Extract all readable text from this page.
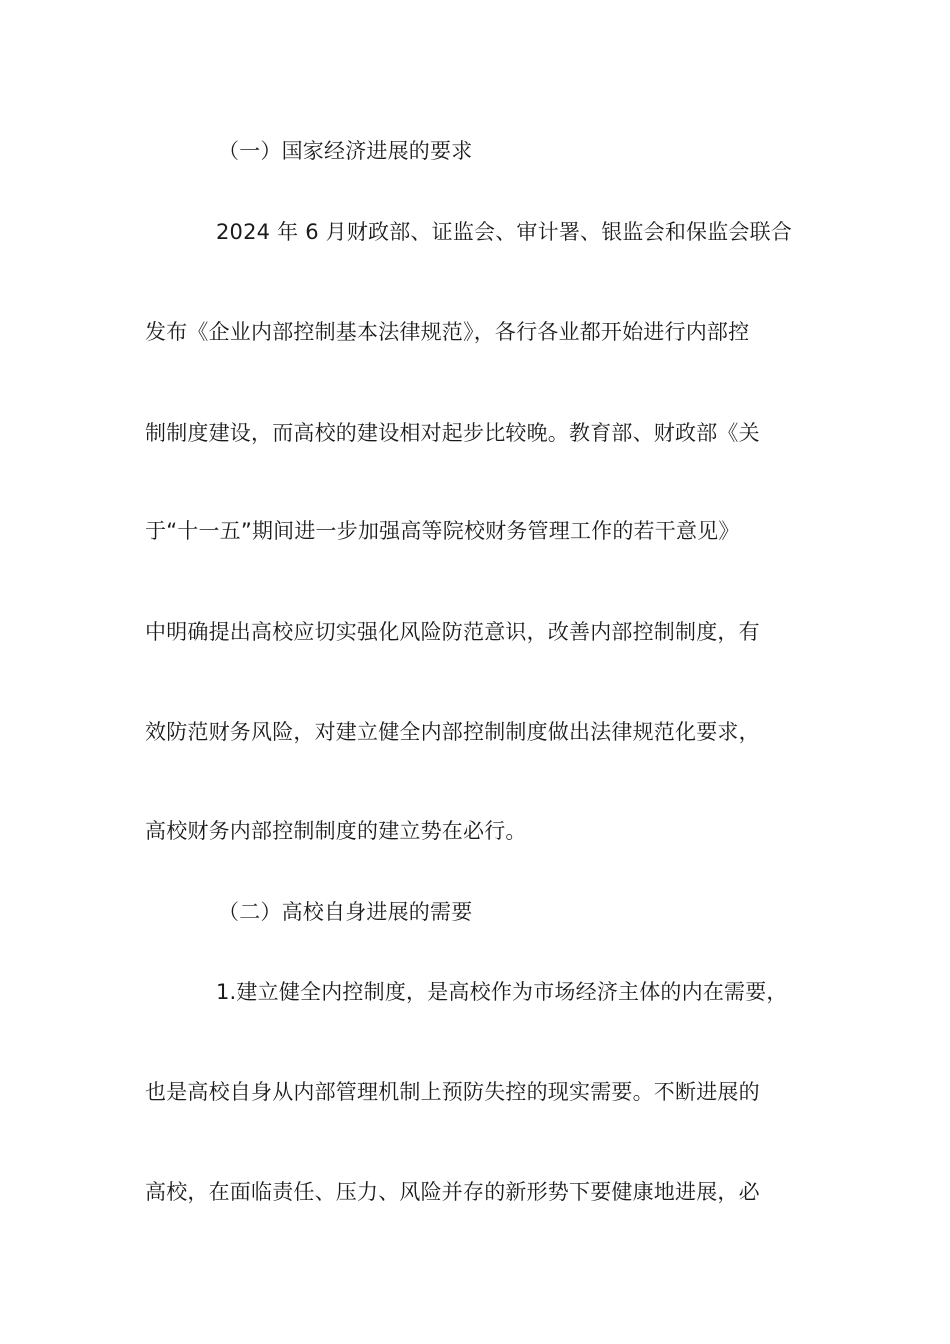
（一）国家经济进展的要求
2024 年 6 月财政部、证监会、审计署、银监会和保监会联合
发布《企业内部控制基本法律规范》，各行各业都开始进行内部控
制制度建设，而高校的建设相对起步比较晚。教育部、财政部《关
于“十一五”期间进一步加强高等院校财务管理工作的若干意见》
中明确提出高校应切实强化风险防范意识，改善内部控制制度，有
效防范财务风险，对建立健全内部控制制度做出法律规范化要求，
高校财务内部控制制度的建立势在必行。
（二）高校自身进展的需要
1.建立健全内控制度，是高校作为市场经济主体的内在需要，
也是高校自身从内部管理机制上预防失控的现实需要。不断进展的
高校，在面临责任、压力、风险并存的新形势下要健康地进展，必
